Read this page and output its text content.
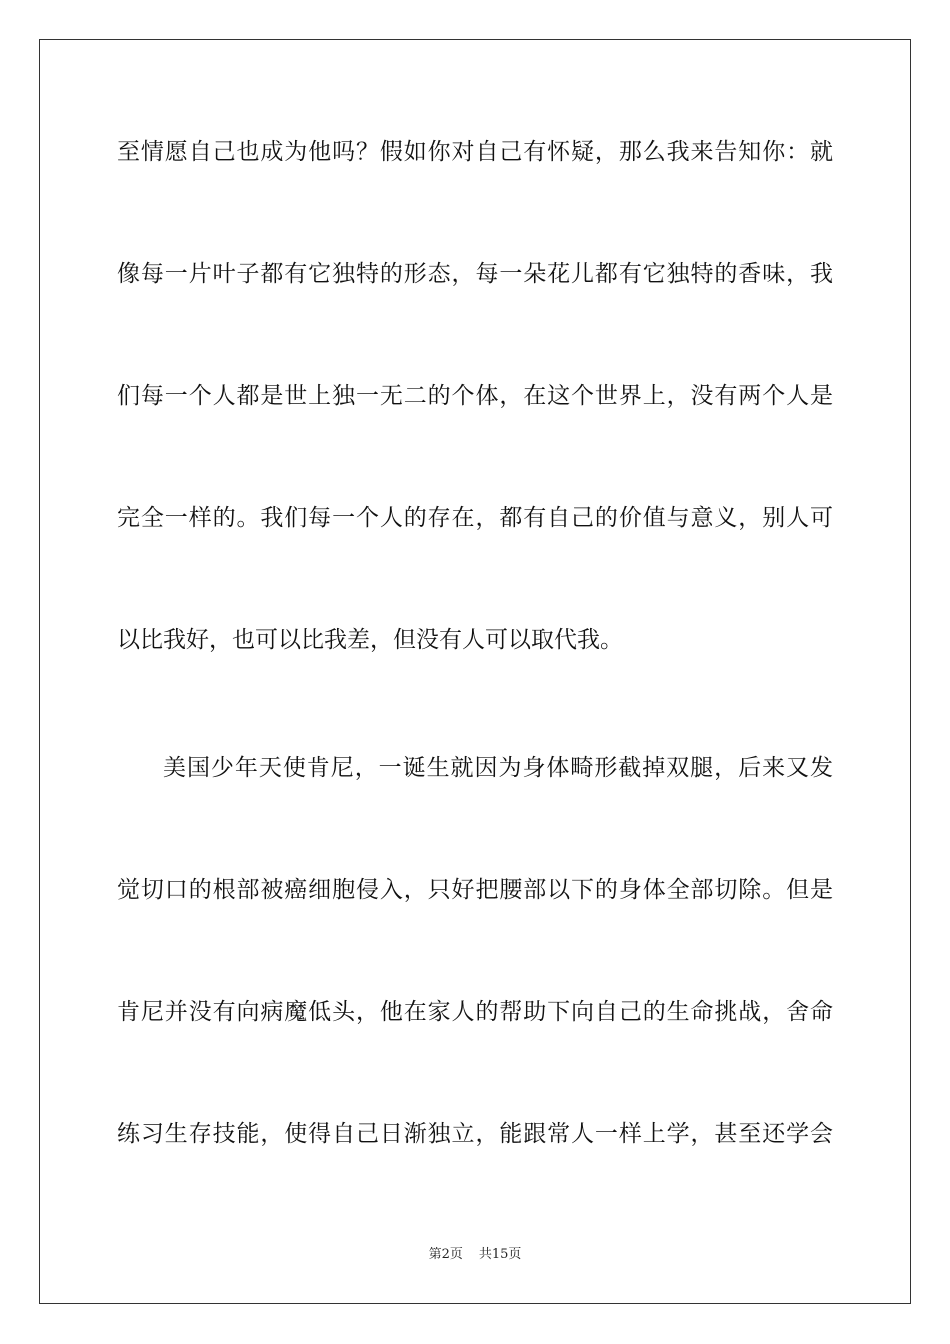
至情愿自己也成为他吗？假如你对自己有怀疑，那么我来告知你：就
像每一片叶子都有它独特的形态，每一朵花儿都有它独特的香味，我
们每一个人都是世上独一无二的个体，在这个世界上，没有两个人是
完全一样的。我们每一个人的存在，都有自己的价值与意义，别人可
以比我好，也可以比我差，但没有人可以取代我。
美国少年天使肯尼，一诞生就因为身体畸形截掉双腿，后来又发
觉切口的根部被癌细胞侵入，只好把腰部以下的身体全部切除。但是
肯尼并没有向病魔低头，他在家人的帮助下向自己的生命挑战，舍命
练习生存技能，使得自己日渐独立，能跟常人一样上学，甚至还学会
第2页 共15页
